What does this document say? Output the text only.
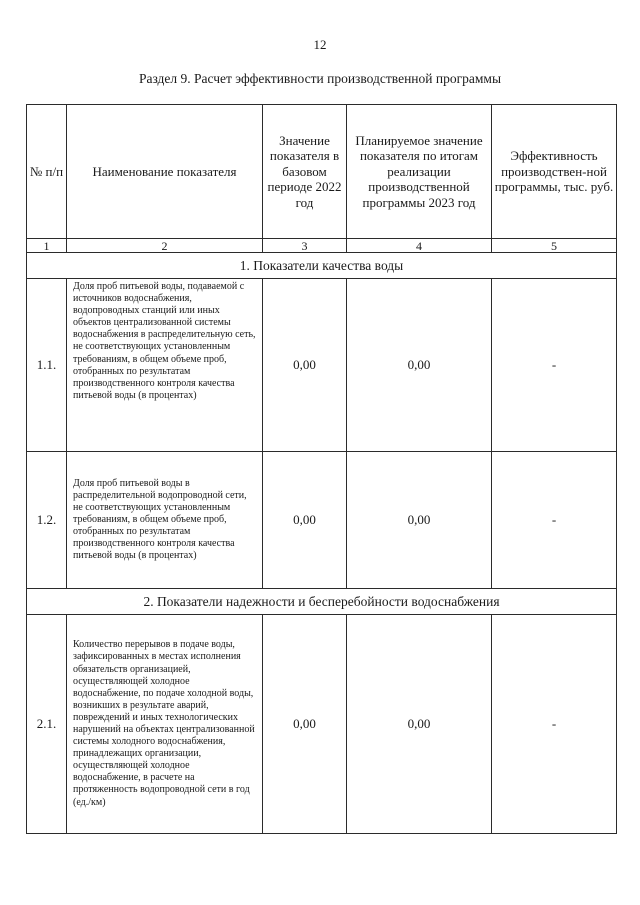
12
Раздел 9. Расчет эффективности производственной программы
№ п/п	Наименование показателя	Значение показателя в базовом периоде 2022 год	Планируемое значение показателя по итогам реализации производственной программы 2023 год	Эффективность производствен-ной программы, тыс. руб.
1	2	3	4	5
1. Показатели качества воды				
1.1.	Доля проб питьевой воды, подаваемой с источников водоснабжения, водопроводных станций или иных объектов централизованной системы водоснабжения в распределительную сеть, не соответствующих установленным требованиям, в общем объеме проб, отобранных по результатам производственного контроля качества питьевой воды (в процентах)	0,00	0,00	-
1.2.	Доля проб питьевой воды в распределительной водопроводной сети, не соответствующих установленным требованиям, в общем объеме проб, отобранных по результатам производственного контроля качества питьевой воды (в процентах)	0,00	0,00	-
2. Показатели надежности и бесперебойности водоснабжения				
2.1.	Количество перерывов в подаче воды, зафиксированных в местах исполнения обязательств организацией, осуществляющей холодное водоснабжение, по подаче холодной воды, возникших в результате аварий, повреждений и иных технологических нарушений на объектах централизованной системы холодного водоснабжения, принадлежащих организации, осуществляющей холодное водоснабжение, в расчете на протяженность водопроводной сети в год (ед./км)	0,00	0,00	-
